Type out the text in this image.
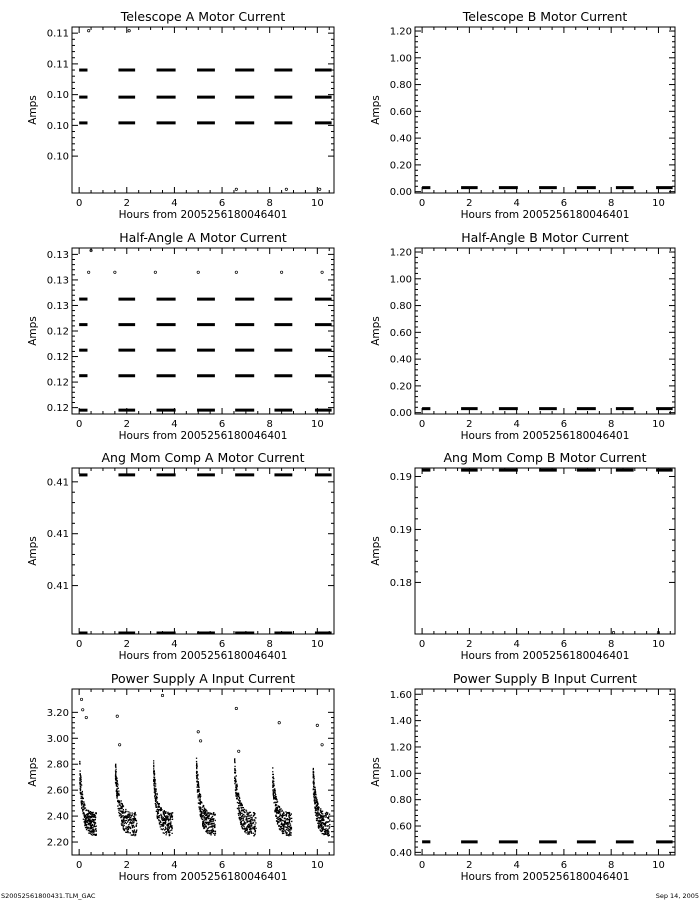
Telescope A Motor Current
Hours from 2005256180046401
Amps
0	2	4	6	8	10
0.10
0.10
0.10
0.11
0.11
Telescope B Motor Current
Hours from 2005256180046401
Amps
0	2	4	6	8	10
0.00
0.20
0.40
0.60
0.80
1.00
1.20
Half-Angle A Motor Current
Hours from 2005256180046401
Amps
0	2	4	6	8	10
0.12
0.12
0.12
0.12
0.13
0.13
0.13
Half-Angle B Motor Current
Hours from 2005256180046401
Amps
0	2	4	6	8	10
0.00
0.20
0.40
0.60
0.80
1.00
1.20
Ang Mom Comp A Motor Current
Hours from 2005256180046401
Amps
0	2	4	6	8	10
0.41
0.41
0.41
Ang Mom Comp B Motor Current
Hours from 2005256180046401
Amps
0	2	4	6	8	10
0.18
0.19
0.19
Power Supply A Input Current
Hours from 2005256180046401
Amps
0	2	4	6	8	10
2.20
2.40
2.60
2.80
3.00
3.20
Power Supply B Input Current
Hours from 2005256180046401
Amps
0	2	4	6	8	10
0.40
0.60
0.80
1.00
1.20
1.40
1.60
S20052561800431.TLM_GAC	Sep 14, 2005
